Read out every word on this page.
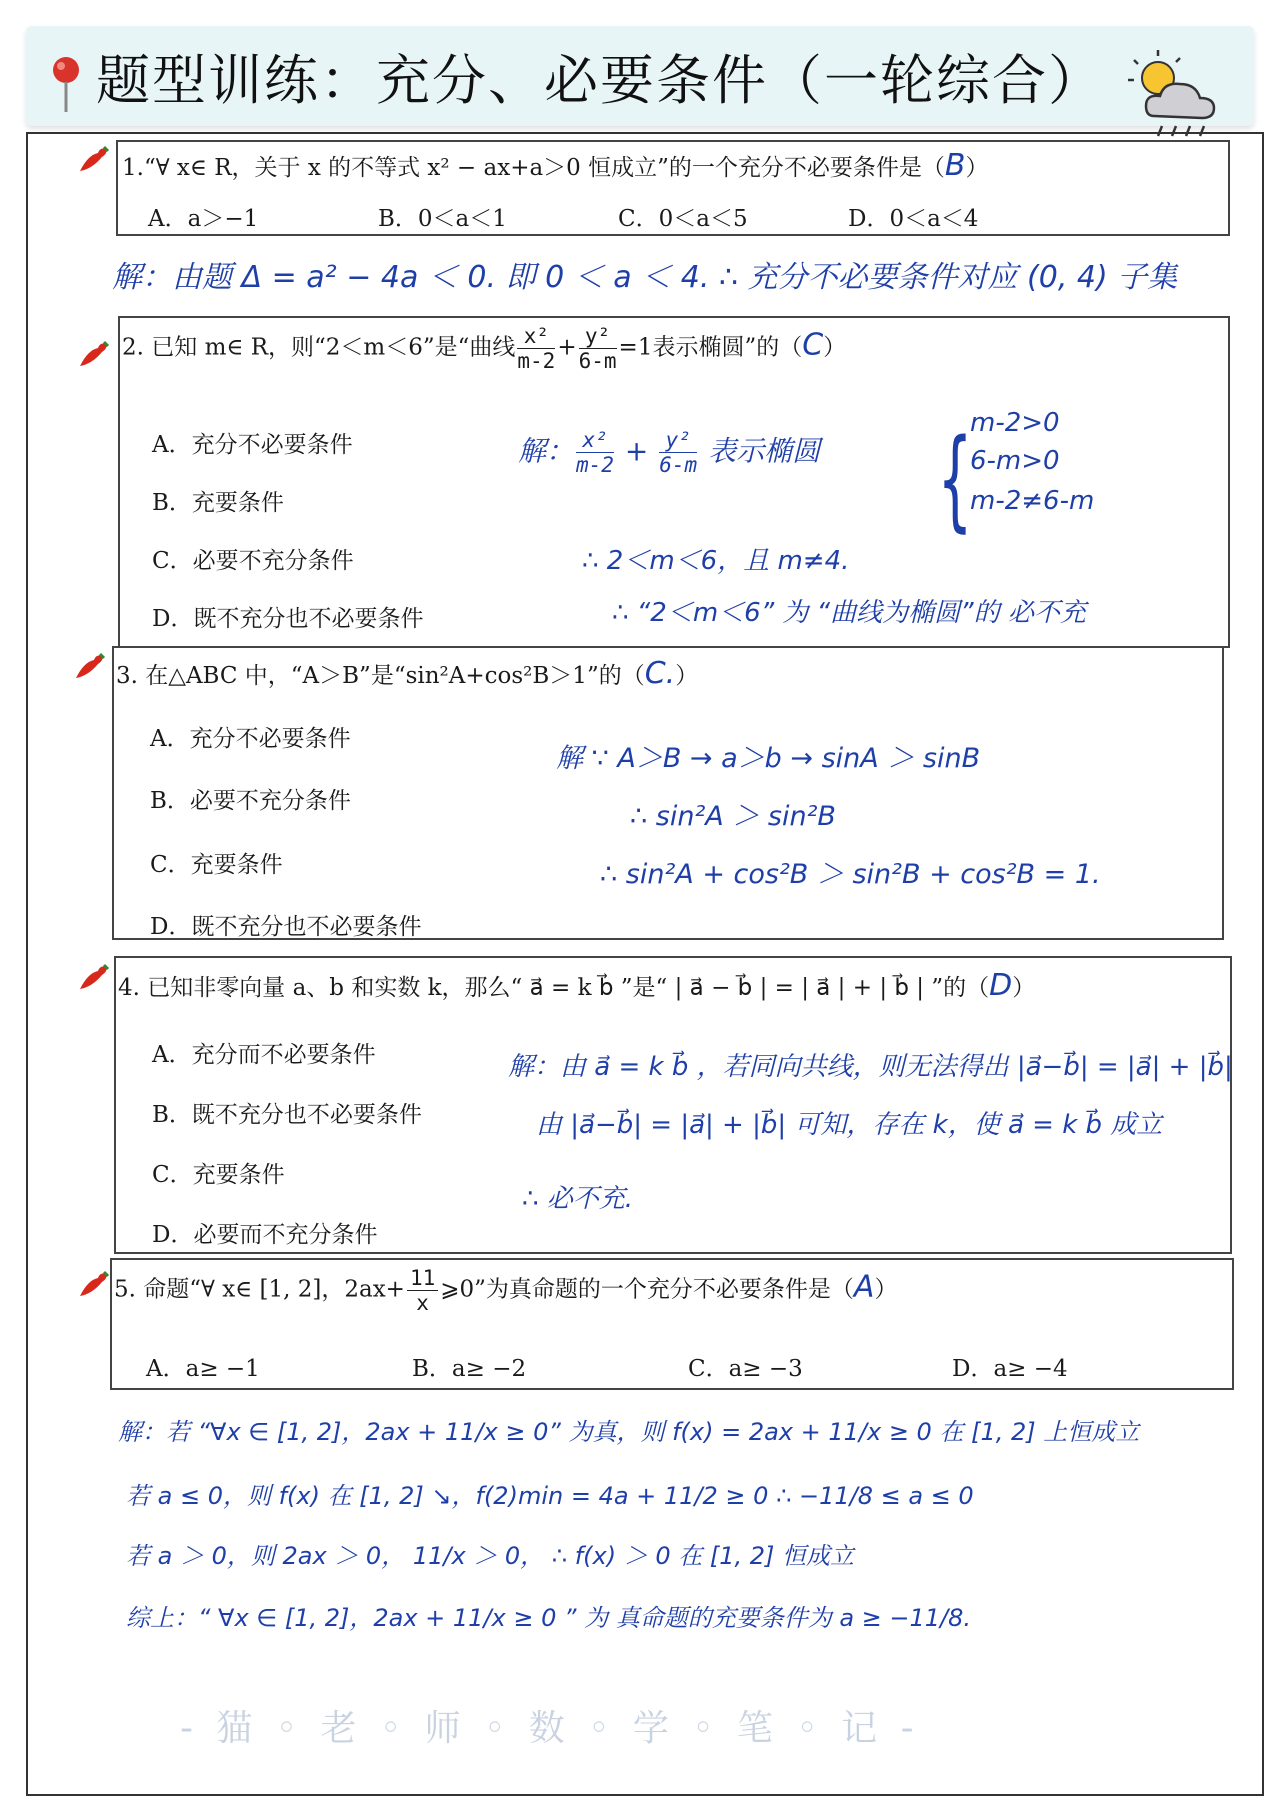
题型训练：充分、必要条件（一轮综合）
1.“∀ x∈ R，关于 x 的不等式 x² − ax+a＞0 恒成立”的一个充分不必要条件是（B）
A．a＞−1	B．0＜a＜1	C．0＜a＜5	D．0＜a＜4
解：由题 Δ = a² − 4a ＜ 0. 即 0 ＜ a ＜ 4. ∴ 充分不必要条件对应 (0, 4) 子集
2. 已知 m∈ R，则“2＜m＜6”是“曲线 $\frac{\text{x²}}{m-2} + \frac{\text{y²}}{6-m} =1$表示椭圆”的（C）
A．充分不必要条件
B．充要条件
C．必要不充分条件
D．既不充分也不必要条件
解： $\frac{\text{x²}}{m-2} + \frac{\text{y²}}{6-m}$ 表示椭圆 {
m-2>0
6-m>0
m-2≠6-m
∴ 2＜m＜6，且 m≠4.
∴ “2＜m＜6” 为 “曲线为椭圆”的 必不充
3. 在△ABC 中，“A＞B”是“sin²A+cos²B＞1”的（C.）
A．充分不必要条件
B．必要不充分条件
C．充要条件
D．既不充分也不必要条件
解 ∵ A＞B → a＞b → sinA ＞ sinB
∴ sin²A ＞ sin²B
∴ sin²A + cos²B ＞ sin²B + cos²B = 1.
4. 已知非零向量 a、b 和实数 k，那么“ a⃗ = k b⃗ ”是“ | a⃗ − b⃗ | = | a⃗ | + | b⃗ | ”的（D）
A．充分而不必要条件
B．既不充分也不必要条件
C．充要条件
D．必要而不充分条件
解：由 a⃗ = k b⃗ ，若同向共线，则无法得出 |a⃗−b⃗| = |a⃗| + |b⃗|
由 |a⃗−b⃗| = |a⃗| + |b⃗| 可知，存在 k，使 a⃗ = k b⃗ 成立
∴ 必不充.
5. 命题“∀ x∈ [1, 2]，$2ax+ \frac{11}{x}$ ⩾0”为真命题的一个充分不必要条件是（A）
A．a≥ −1	B．a≥ −2	C．a≥ −3	D．a≥ −4
解：若 “∀x ∈ [1, 2]，2ax + 11/x ≥ 0” 为真，则 f(x) = 2ax + 11/x ≥ 0 在 [1, 2] 上恒成立
若 a ≤ 0，则 f(x) 在 [1, 2] ↘，f(2)min = 4a + 11/2 ≥ 0 ∴ −11/8 ≤ a ≤ 0
若 a ＞ 0，则 2ax ＞ 0， 11/x ＞ 0， ∴ f(x) ＞ 0 在 [1, 2] 恒成立
综上：“ ∀x ∈ [1, 2]，2ax + 11/x ≥ 0 ” 为 真命题的充要条件为 a ≥ −11/8.
- 猫 ◦ 老 ◦ 师 ◦ 数 ◦ 学 ◦ 笔 ◦ 记 -
